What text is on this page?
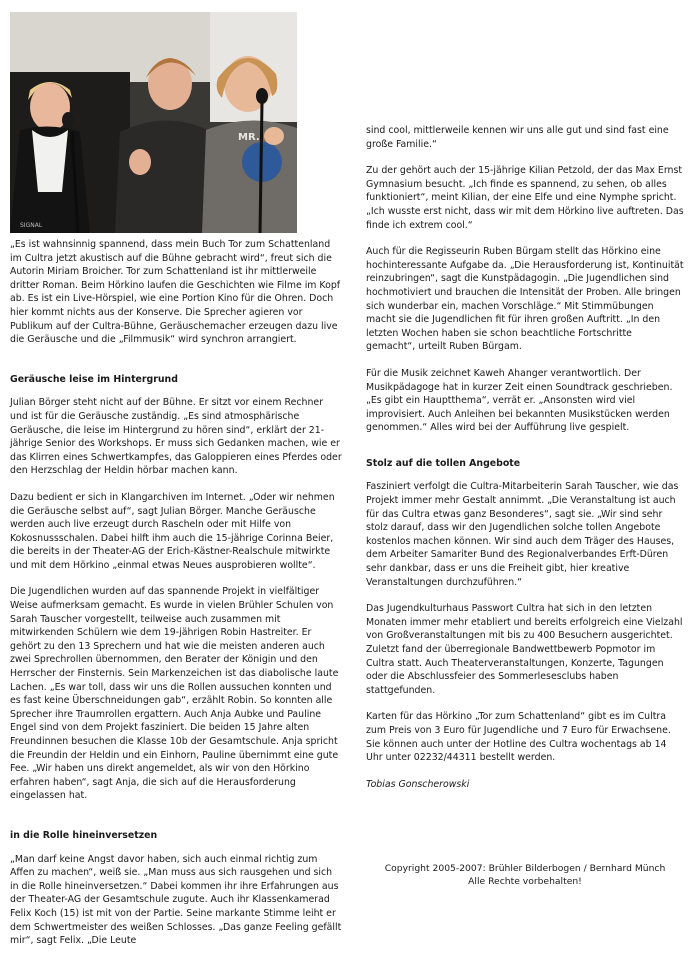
MR.
SIGNAL

„Es ist wahnsinnig spannend, dass mein Buch Tor zum Schattenland im Cultra jetzt akustisch auf die Bühne gebracht wird“, freut sich die Autorin Miriam Broicher. Tor zum Schattenland ist ihr mittlerweile dritter Roman. Beim Hörkino laufen die Geschichten wie Filme im Kopf ab. Es ist ein Live-Hörspiel, wie eine Portion Kino für die Ohren. Doch hier kommt nichts aus der Konserve. Die Sprecher agieren vor Publikum auf der Cultra-Bühne, Geräuschemacher erzeugen dazu live die Geräusche und die „Filmmusik“ wird synchron arrangiert.

Geräusche leise im Hintergrund

Julian Börger steht nicht auf der Bühne. Er sitzt vor einem Rechner und ist für die Geräusche zuständig. „Es sind atmosphärische Geräusche, die leise im Hintergrund zu hören sind“, erklärt der 21-jährige Senior des Workshops. Er muss sich Gedanken machen, wie er das Klirren eines Schwertkampfes, das Galoppieren eines Pferdes oder den Herzschlag der Heldin hörbar machen kann.

Dazu bedient er sich in Klangarchiven im Internet. „Oder wir nehmen die Geräusche selbst auf“, sagt Julian Börger. Manche Geräusche werden auch live erzeugt durch Rascheln oder mit Hilfe von Kokosnussschalen. Dabei hilft ihm auch die 15-jährige Corinna Beier, die bereits in der Theater-AG der Erich-Kästner-Realschule mitwirkte und mit dem Hörkino „einmal etwas Neues ausprobieren wollte“.

Die Jugendlichen wurden auf das spannende Projekt in vielfältiger Weise aufmerksam gemacht. Es wurde in vielen Brühler Schulen von Sarah Tauscher vorgestellt, teilweise auch zusammen mit mitwirkenden Schülern wie dem 19-jährigen Robin Hastreiter. Er gehört zu den 13 Sprechern und hat wie die meisten anderen auch zwei Sprechrollen übernommen, den Berater der Königin und den Herrscher der Finsternis. Sein Markenzeichen ist das diabolische laute Lachen. „Es war toll, dass wir uns die Rollen aussuchen konnten und es fast keine Überschneidungen gab“, erzählt Robin. So konnten alle Sprecher ihre Traumrollen ergattern. Auch Anja Aubke und Pauline Engel sind von dem Projekt fasziniert. Die beiden 15 Jahre alten Freundinnen besuchen die Klasse 10b der Gesamtschule. Anja spricht die Freundin der Heldin und ein Einhorn, Pauline übernimmt eine gute Fee. „Wir haben uns direkt angemeldet, als wir von den Hörkino erfahren haben“, sagt Anja, die sich auf die Herausforderung eingelassen hat.

in die Rolle hineinversetzen

„Man darf keine Angst davor haben, sich auch einmal richtig zum Affen zu machen“, weiß sie. „Man muss aus sich rausgehen und sich in die Rolle hineinversetzen.“ Dabei kommen ihr ihre Erfahrungen aus der Theater-AG der Gesamtschule zugute. Auch ihr Klassenkamerad Felix Koch (15) ist mit von der Partie. Seine markante Stimme leiht er dem Schwertmeister des weißen Schlosses. „Das ganze Feeling gefällt mir“, sagt Felix. „Die Leute

sind cool, mittlerweile kennen wir uns alle gut und sind fast eine große Familie.“

Zu der gehört auch der 15-jährige Kilian Petzold, der das Max Ernst Gymnasium besucht. „Ich finde es spannend, zu sehen, ob alles funktioniert“, meint Kilian, der eine Elfe und eine Nymphe spricht. „Ich wusste erst nicht, dass wir mit dem Hörkino live auftreten. Das finde ich extrem cool.“

Auch für die Regisseurin Ruben Bürgam stellt das Hörkino eine hochinteressante Aufgabe da. „Die Herausforderung ist, Kontinuität reinzubringen“, sagt die Kunstpädagogin. „Die Jugendlichen sind hochmotiviert und brauchen die Intensität der Proben. Alle bringen sich wunderbar ein, machen Vorschläge.“ Mit Stimmübungen macht sie die Jugendlichen fit für ihren großen Auftritt. „In den letzten Wochen haben sie schon beachtliche Fortschritte gemacht“, urteilt Ruben Bürgam.

Für die Musik zeichnet Kaweh Ahanger verantwortlich. Der Musikpädagoge hat in kurzer Zeit einen Soundtrack geschrieben. „Es gibt ein Hauptthema“, verrät er. „Ansonsten wird viel improvisiert. Auch Anleihen bei bekannten Musikstücken werden genommen.“ Alles wird bei der Aufführung live gespielt.

Stolz auf die tollen Angebote

Fasziniert verfolgt die Cultra-Mitarbeiterin Sarah Tauscher, wie das Projekt immer mehr Gestalt annimmt. „Die Veranstaltung ist auch für das Cultra etwas ganz Besonderes“, sagt sie. „Wir sind sehr stolz darauf, dass wir den Jugendlichen solche tollen Angebote kostenlos machen können. Wir sind auch dem Träger des Hauses, dem Arbeiter Samariter Bund des Regionalverbandes Erft-Düren sehr dankbar, dass er uns die Freiheit gibt, hier kreative Veranstaltungen durchzuführen.“

Das Jugendkulturhaus Passwort Cultra hat sich in den letzten Monaten immer mehr etabliert und bereits erfolgreich eine Vielzahl von Großveranstaltungen mit bis zu 400 Besuchern ausgerichtet. Zuletzt fand der überregionale Bandwettbewerb Popmotor im Cultra statt. Auch Theaterveranstaltungen, Konzerte, Tagungen oder die Abschlussfeier des Sommerlesesclubs haben stattgefunden.

Karten für das Hörkino „Tor zum Schattenland“ gibt es im Cultra zum Preis von 3 Euro für Jugendliche und 7 Euro für Erwachsene. Sie können auch unter der Hotline des Cultra wochentags ab 14 Uhr unter 02232/44311 bestellt werden.

Tobias Gonscherowski

Copyright 2005-2007: Brühler Bilderbogen / Bernhard Münch
Alle Rechte vorbehalten!
